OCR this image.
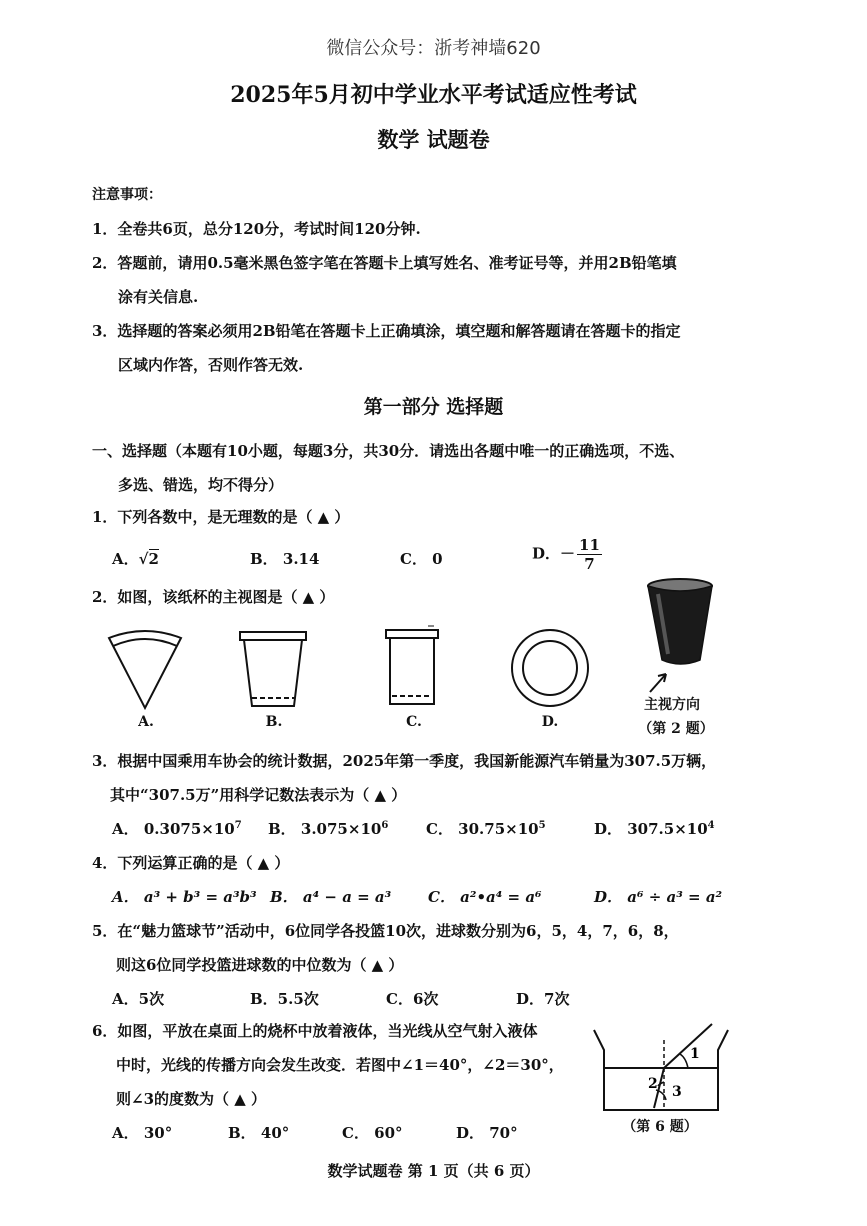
微信公众号：浙考神墙620
2025年5月初中学业水平考试适应性考试
数学 试题卷
注意事项：
1．全卷共6页，总分120分，考试时间120分钟.
2．答题前，请用0.5毫米黑色签字笔在答题卡上填写姓名、准考证号等，并用2B铅笔填
涂有关信息.
3．选择题的答案必须用2B铅笔在答题卡上正确填涂，填空题和解答题请在答题卡的指定
区域内作答，否则作答无效.
第一部分 选择题
一、选择题（本题有10小题，每题3分，共30分．请选出各题中唯一的正确选项，不选、
多选、错选，均不得分）
1．下列各数中，是无理数的是（ ▲ ）
A．√2	B． 3.14	C． 0	D．－ $\frac{11}{7}$
2．如图，该纸杯的主视图是（ ▲ ）
A.	B.	C.	D.
主视方向
（第 2 题）
3．根据中国乘用车协会的统计数据，2025年第一季度，我国新能源汽车销量为307.5万辆，
其中“307.5万”用科学记数法表示为（ ▲ ）
A． $0.3075\times 10^7$ B． $3.075\times 10^6$	C． $30.75\times 10^5$	D． $307.5\times 10^4$
4．下列运算正确的是（ ▲ ）
A． a³ + b³ = a³b³ B． a⁴ − a = a³ C． a²•a⁴ = a⁶	D． a⁶ ÷ a³ = a²
5．在“魅力篮球节”活动中，6位同学各投篮10次，进球数分别为6，5，4，7，6，8，
则这6位同学投篮进球数的中位数为（ ▲ ）
A．5次	B．5.5次	C．6次	D．7次
6．如图，平放在桌面上的烧杯中放着液体，当光线从空气射入液体
中时，光线的传播方向会发生改变．若图中∠1＝40°，∠2＝30°，
则∠3的度数为（ ▲ ）
A． 30°	B． 40°	C． 60°	D． 70°
1
2 3
（第 6 题）
数学试题卷 第 1 页（共 6 页）
